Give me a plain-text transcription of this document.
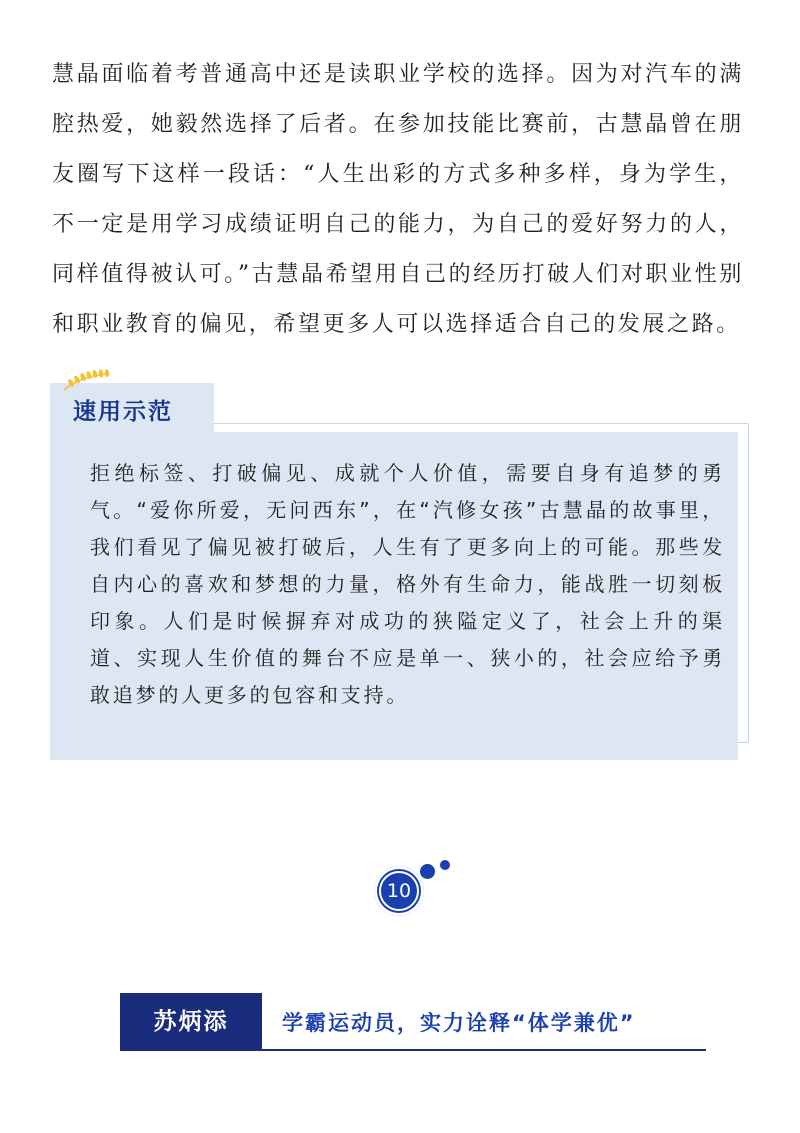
慧晶面临着考普通高中还是读职业学校的选择。因为对汽车的满腔热爱，她毅然选择了后者。在参加技能比赛前，古慧晶曾在朋友圈写下这样一段话：“人生出彩的方式多种多样，身为学生，不一定是用学习成绩证明自己的能力，为自己的爱好努力的人，同样值得被认可。”古慧晶希望用自己的经历打破人们对职业性别和职业教育的偏见，希望更多人可以选择适合自己的发展之路。

速用示范

拒绝标签、打破偏见、成就个人价值，需要自身有追梦的勇气。“爱你所爱，无问西东”，在“汽修女孩”古慧晶的故事里，我们看见了偏见被打破后，人生有了更多向上的可能。那些发自内心的喜欢和梦想的力量，格外有生命力，能战胜一切刻板印象。人们是时候摒弃对成功的狭隘定义了，社会上升的渠道、实现人生价值的舞台不应是单一、狭小的，社会应给予勇敢追梦的人更多的包容和支持。

10
苏炳添	学霸运动员，实力诠释“体学兼优”
